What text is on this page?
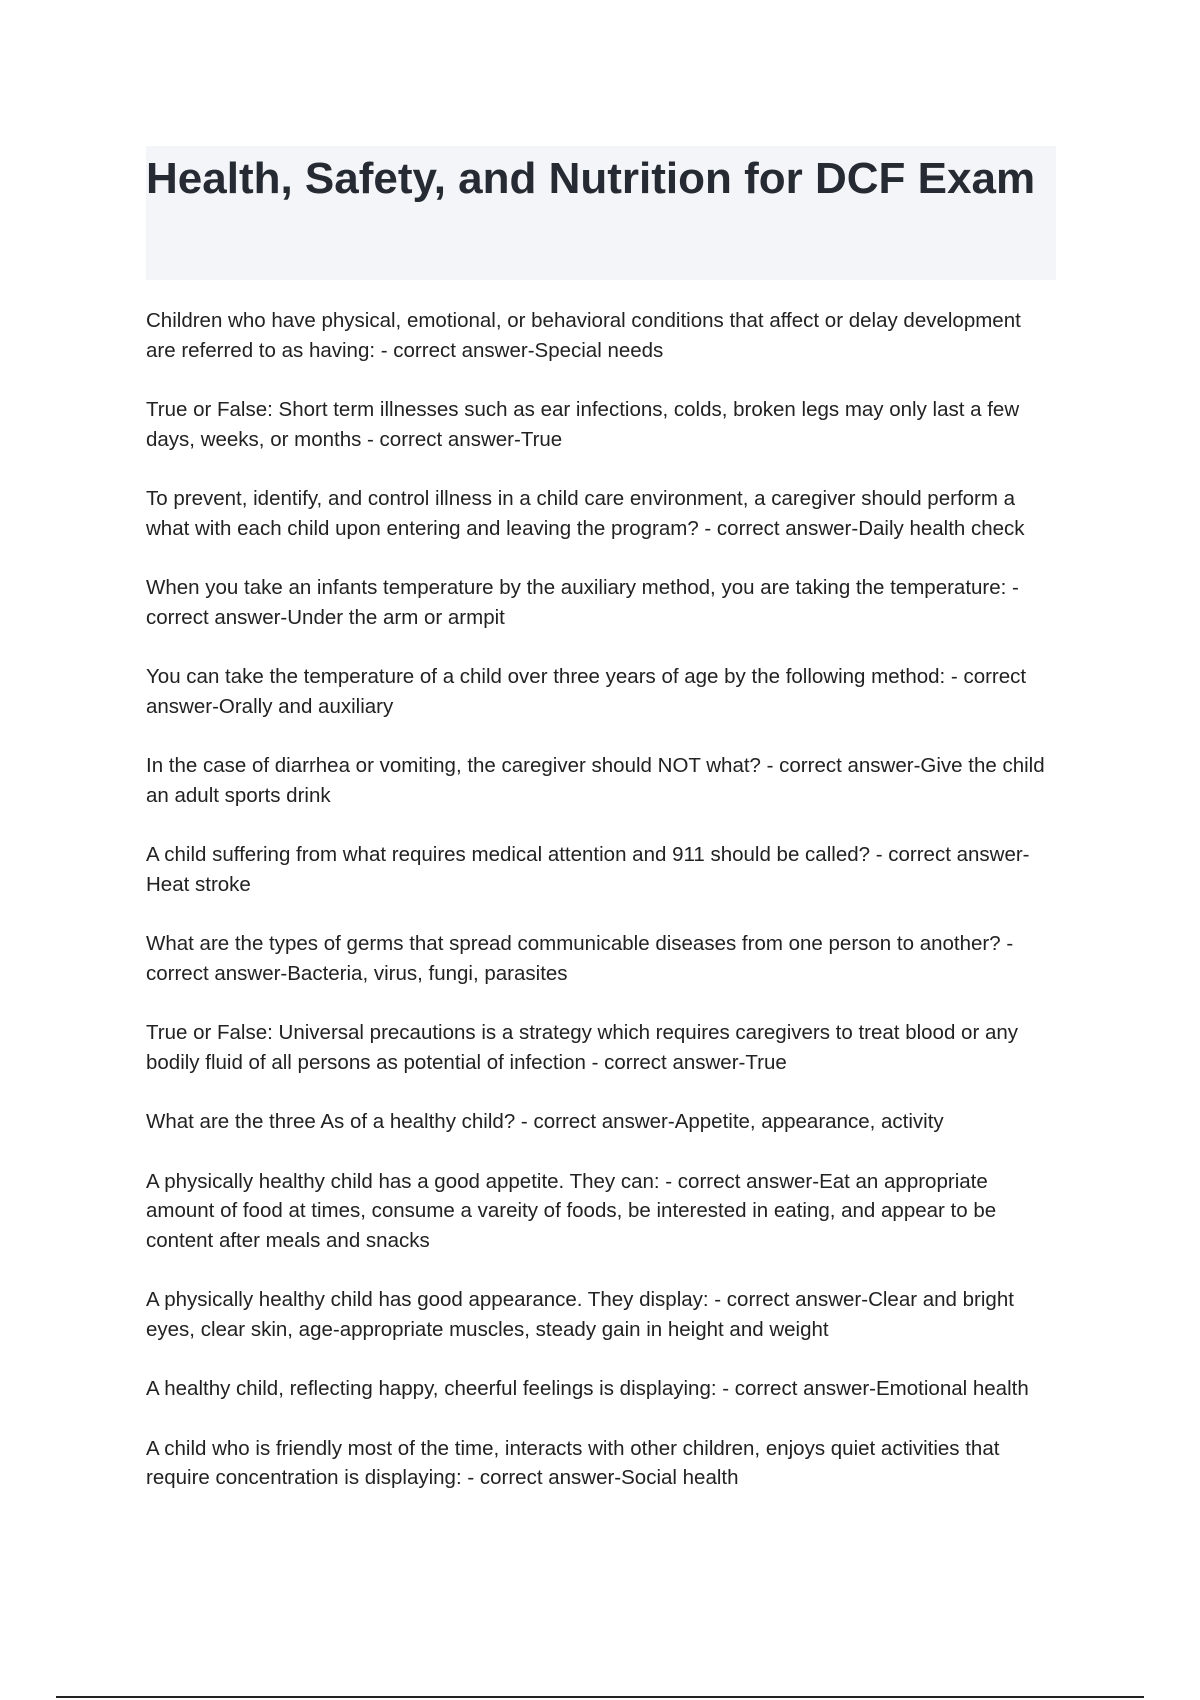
Health, Safety, and Nutrition for DCF Exam

Children who have physical, emotional, or behavioral conditions that affect or delay development are referred to as having: - correct answer-Special needs

True or False: Short term illnesses such as ear infections, colds, broken legs may only last a few days, weeks, or months - correct answer-True

To prevent, identify, and control illness in a child care environment, a caregiver should perform a what with each child upon entering and leaving the program? - correct answer-Daily health check

When you take an infants temperature by the auxiliary method, you are taking the temperature: - correct answer-Under the arm or armpit

You can take the temperature of a child over three years of age by the following method: - correct answer-Orally and auxiliary

In the case of diarrhea or vomiting, the caregiver should NOT what? - correct answer-Give the child an adult sports drink

A child suffering from what requires medical attention and 911 should be called? - correct answer-Heat stroke

What are the types of germs that spread communicable diseases from one person to another? - correct answer-Bacteria, virus, fungi, parasites

True or False: Universal precautions is a strategy which requires caregivers to treat blood or any bodily fluid of all persons as potential of infection - correct answer-True

What are the three As of a healthy child? - correct answer-Appetite, appearance, activity

A physically healthy child has a good appetite. They can: - correct answer-Eat an appropriate amount of food at times, consume a vareity of foods, be interested in eating, and appear to be content after meals and snacks

A physically healthy child has good appearance. They display: - correct answer-Clear and bright eyes, clear skin, age-appropriate muscles, steady gain in height and weight

A healthy child, reflecting happy, cheerful feelings is displaying: - correct answer-Emotional health

A child who is friendly most of the time, interacts with other children, enjoys quiet activities that require concentration is displaying: - correct answer-Social health
